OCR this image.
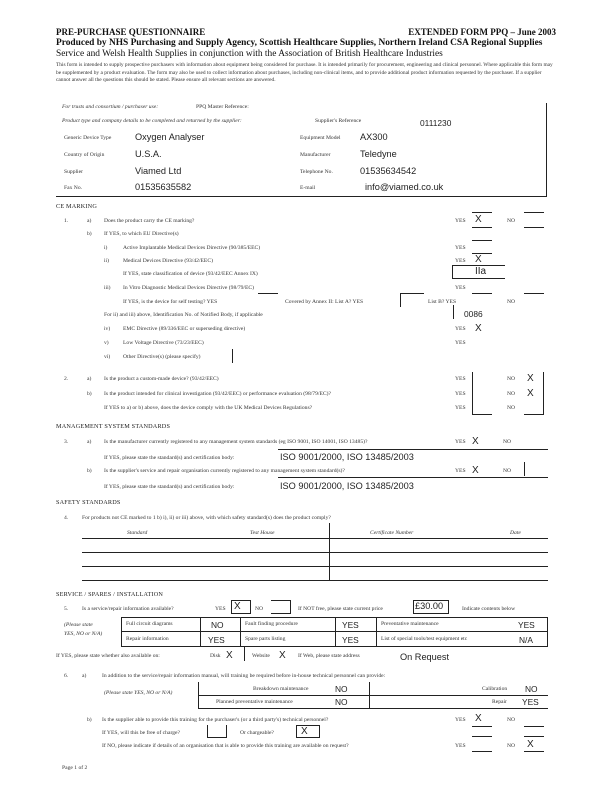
PRE-PURCHASE QUESTIONNAIRE	EXTENDED FORM PPQ – June 2003
Produced by NHS Purchasing and Supply Agency, Scottish Healthcare Supplies, Northern Ireland CSA Regional Supplies
Service and Welsh Health Supplies in conjunction with the Association of British Healthcare Industries
This form is intended to supply prospective purchasers with information about equipment being considered for purchase. It is intended primarily for procurement, engineering and clinical personnel. Where applicable this form may be supplemented by a product evaluation. The form may also be used to collect information about purchases, including non-clinical items, and to provide additional product information requested by the purchaser. If a supplier cannot answer all the questions this should be stated. Please ensure all relevant sections are answered.
For trusts and consortium / purchaser use:	PPQ Master Reference:
Product type and company details to be completed and returned by the supplier:	Supplier's Reference	0111230
Generic Device Type	Oxygen Analyser	Equipment Model AX300
Country of Origin	U.S.A.	Manufacturer	Teledyne
Supplier	Viamed Ltd	Telephone No.	01535634542
Fax No.	01535635582	E-mail	info@viamed.co.uk
CE MARKING
1.	a) Does the product carry the CE marking?	YES X	NO
b) If YES, to which EU Directive(s)
i)	Active Implantable Medical Devices Directive (90/385/EEC)	YES
ii)	Medical Devices Directive (93/42/EEC)	YES X
If YES, state classification of device (93/42/EEC Annex IX)	IIa
iii) In Vitro Diagnostic Medical Devices Directive (98/79/EC)	YES
If YES, is the device for self testing? YES	Covered by Annex II: List A? YES	List B? YES	NO
For ii) and iii) above, Identification No. of Notified Body, if applicable	0086
iv) EMC Directive (89/336/EEC or superseding directive)	YES X
v)	Low Voltage Directive (73/23/EEC)	YES
vi) Other Directive(s) (please specify)
2.	a) Is the product a custom-made device? (93/42/EEC)	YES	NO X
b) Is the product intended for clinical investigation (93/42/EEC) or performance evaluation (98/79/EC)?	YES	NO X
If YES to a) or b) above, does the device comply with the UK Medical Devices Regulations?	YES	NO
MANAGEMENT SYSTEM STANDARDS
3.	a) Is the manufacturer currently registered to any management system standards (eg ISO 9001, ISO 14001, ISO 13485)?	YES X	NO
If YES, please state the standard(s) and certification body:	ISO 9001/2000, ISO 13485/2003
b) Is the supplier's service and repair organisation currently registered to any management system standard(s)?	YES X	NO
If YES, please state the standard(s) and certification body:	ISO 9001/2000, ISO 13485/2003
SAFETY STANDARDS
4. For products not CE marked to 1 b) i), ii) or iii) above, with which safety standard(s) does the product comply?
Standard	Test House	Certificate Number	Date
SERVICE / SPARES / INSTALLATION
5. Is a service/repair information available?	YES X	NO	If NOT free, please state current price	£30.00	Indicate contents below
(Please state
YES, NO or N/A)
Full circuit diagrams	NO	Fault finding procedure	YES	Preventative maintenance	YES
Repair information	YES	Spare parts listing	YES	List of special tools/test equipment etc	N/A
If YES, please state whether also available on:	Disk X	Website X If Web, please state address	On Request
6. a)	In addition to the service/repair information manual, will training be required before in-house technical personnel can provide:
(Please state YES, NO or N/A)
Breakdown maintenance	NO	Calibration NO
Planned preventative maintenance	NO	Repair YES
b) Is the supplier able to provide this training for the purchaser's (or a third party's) technical personnel?	YES X	NO
If YES, will this be free of charge?	Or chargeable?	X
If NO, please indicate if details of an organisation that is able to provide this training are available on request?	YES	NO X
Page 1 of 2
